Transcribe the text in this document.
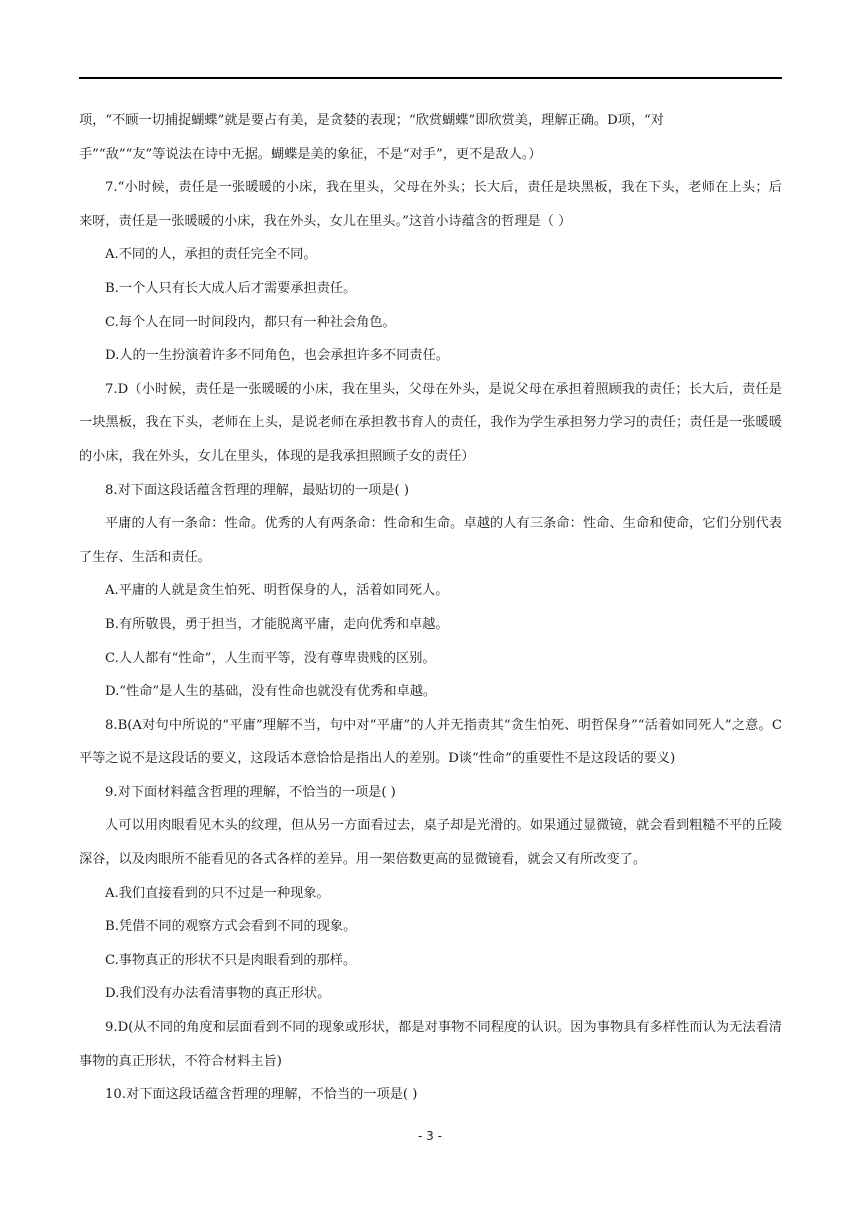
项，“不顾一切捕捉蝴蝶”就是要占有美，是贪婪的表现；“欣赏蝴蝶”即欣赏美，理解正确。D项，“对

手”“敌”“友”等说法在诗中无据。蝴蝶是美的象征，不是“对手”，更不是敌人。）

7.“小时候，责任是一张暖暖的小床，我在里头，父母在外头；长大后，责任是块黑板，我在下头，老师在上头；后来呀，责任是一张暖暖的小床，我在外头，女儿在里头。”这首小诗蕴含的哲理是（ ）

A.不同的人，承担的责任完全不同。

B.一个人只有长大成人后才需要承担责任。

C.每个人在同一时间段内，都只有一种社会角色。

D.人的一生扮演着许多不同角色，也会承担许多不同责任。

7.D（小时候，责任是一张暖暖的小床，我在里头，父母在外头，是说父母在承担着照顾我的责任；长大后，责任是一块黑板，我在下头，老师在上头，是说老师在承担教书育人的责任，我作为学生承担努力学习的责任；责任是一张暖暖的小床，我在外头，女儿在里头，体现的是我承担照顾子女的责任）

8.对下面这段话蕴含哲理的理解，最贴切的一项是( )

平庸的人有一条命：性命。优秀的人有两条命：性命和生命。卓越的人有三条命：性命、生命和使命，它们分别代表了生存、生活和责任。

A.平庸的人就是贪生怕死、明哲保身的人，活着如同死人。

B.有所敬畏，勇于担当，才能脱离平庸，走向优秀和卓越。

C.人人都有“性命”，人生而平等，没有尊卑贵贱的区别。

D.“性命”是人生的基础，没有性命也就没有优秀和卓越。

8.B(A对句中所说的“平庸”理解不当，句中对“平庸”的人并无指责其“贪生怕死、明哲保身”“活着如同死人”之意。C平等之说不是这段话的要义，这段话本意恰恰是指出人的差别。D谈“性命”的重要性不是这段话的要义)

9.对下面材料蕴含哲理的理解，不恰当的一项是( )

人可以用肉眼看见木头的纹理，但从另一方面看过去，桌子却是光滑的。如果通过显微镜，就会看到粗糙不平的丘陵深谷，以及肉眼所不能看见的各式各样的差异。用一架倍数更高的显微镜看，就会又有所改变了。

A.我们直接看到的只不过是一种现象。

B.凭借不同的观察方式会看到不同的现象。

C.事物真正的形状不只是肉眼看到的那样。

D.我们没有办法看清事物的真正形状。

9.D(从不同的角度和层面看到不同的现象或形状，都是对事物不同程度的认识。因为事物具有多样性而认为无法看清事物的真正形状，不符合材料主旨)

10.对下面这段话蕴含哲理的理解，不恰当的一项是( )

- 3 -
